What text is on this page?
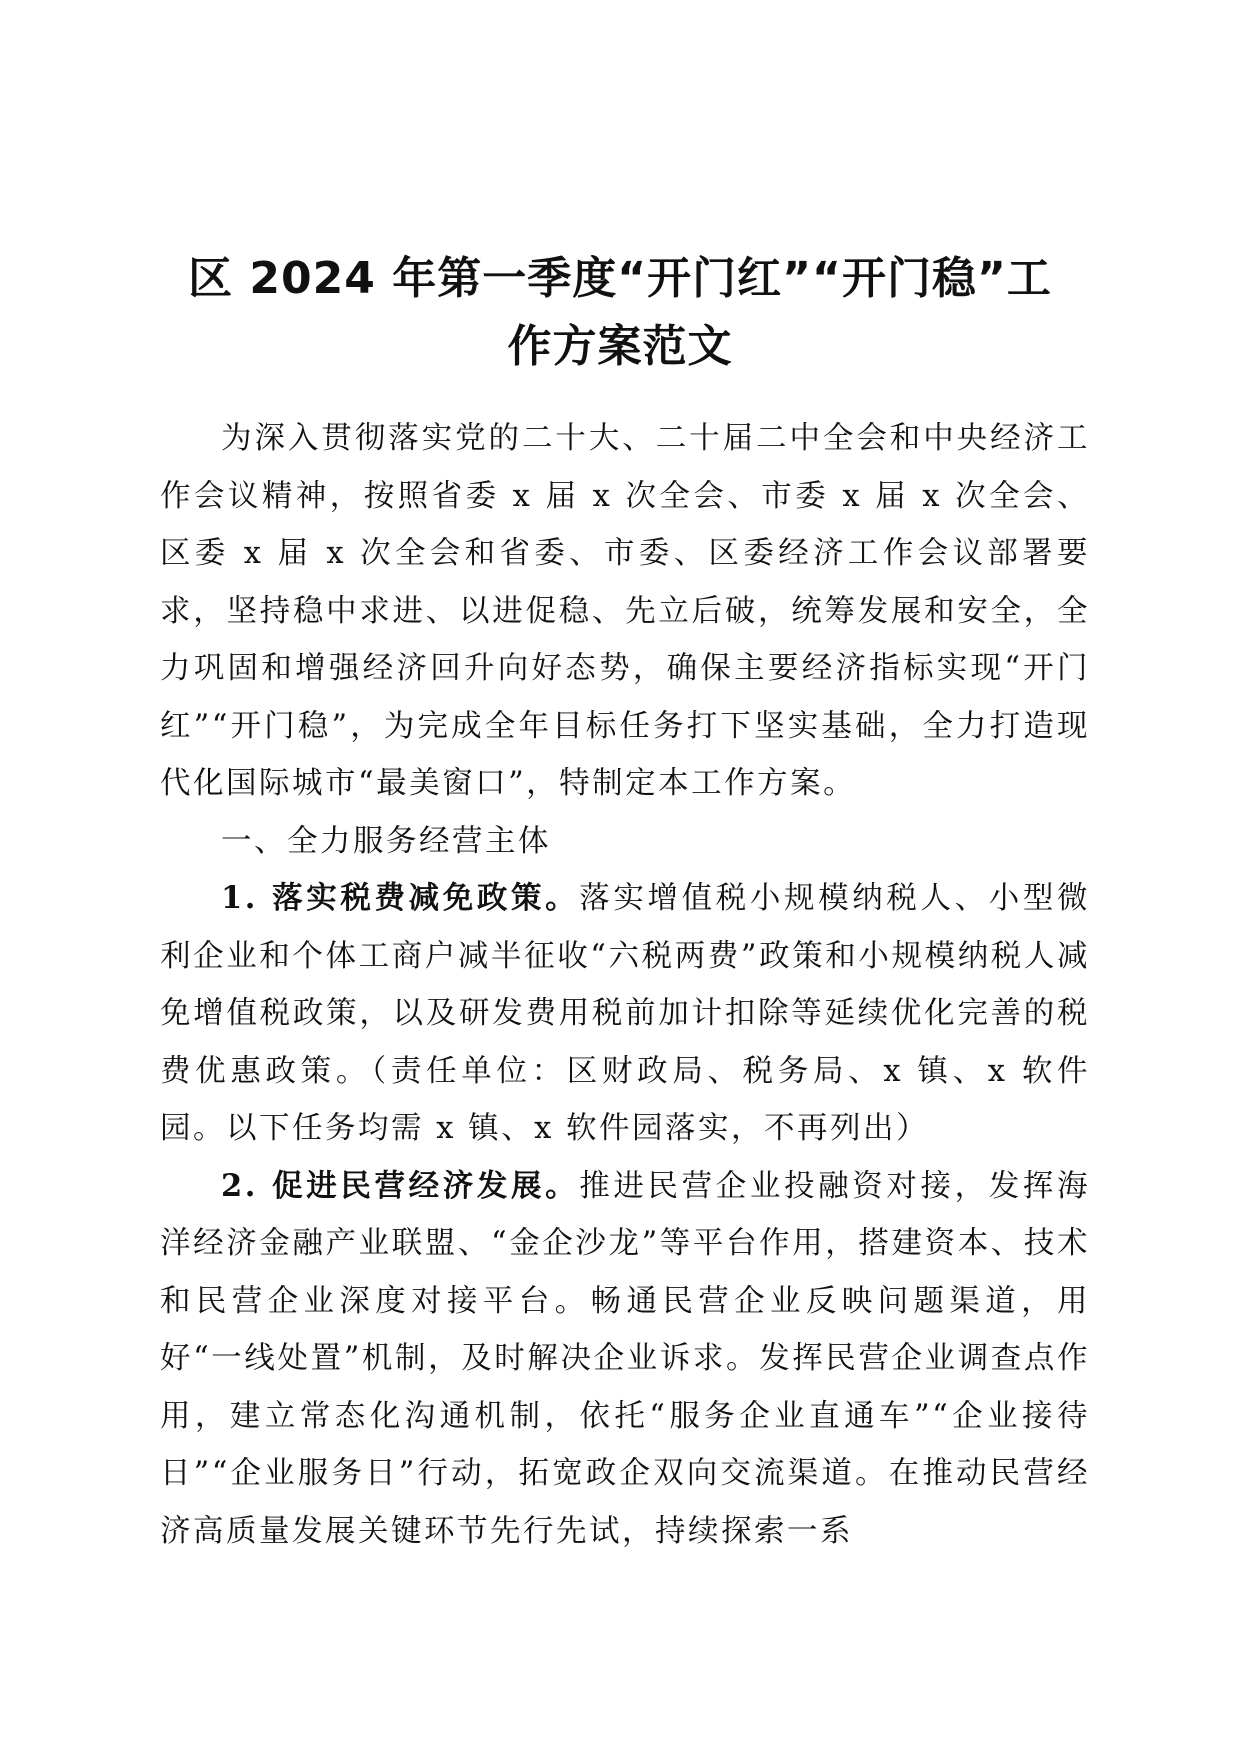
区 2024 年第一季度“开门红”“开门稳”工
作方案范文

为深入贯彻落实党的二十大、二十届二中全会和中央经济工作会议精神，按照省委 x 届 x 次全会、市委 x 届 x 次全会、区委 x 届 x 次全会和省委、市委、区委经济工作会议部署要求，坚持稳中求进、以进促稳、先立后破，统筹发展和安全，全力巩固和增强经济回升向好态势，确保主要经济指标实现“开门红”“开门稳”，为完成全年目标任务打下坚实基础，全力打造现代化国际城市“最美窗口”，特制定本工作方案。

一、全力服务经营主体

1. 落实税费减免政策。落实增值税小规模纳税人、小型微利企业和个体工商户减半征收“六税两费”政策和小规模纳税人减免增值税政策，以及研发费用税前加计扣除等延续优化完善的税费优惠政策。（责任单位：区财政局、税务局、x 镇、x 软件园。以下任务均需 x 镇、x 软件园落实，不再列出）

2. 促进民营经济发展。推进民营企业投融资对接，发挥海洋经济金融产业联盟、“金企沙龙”等平台作用，搭建资本、技术和民营企业深度对接平台。畅通民营企业反映问题渠道，用好“一线处置”机制，及时解决企业诉求。发挥民营企业调查点作用，建立常态化沟通机制，依托“服务企业直通车”“企业接待日”“企业服务日”行动，拓宽政企双向交流渠道。在推动民营经济高质量发展关键环节先行先试，持续探索一系
